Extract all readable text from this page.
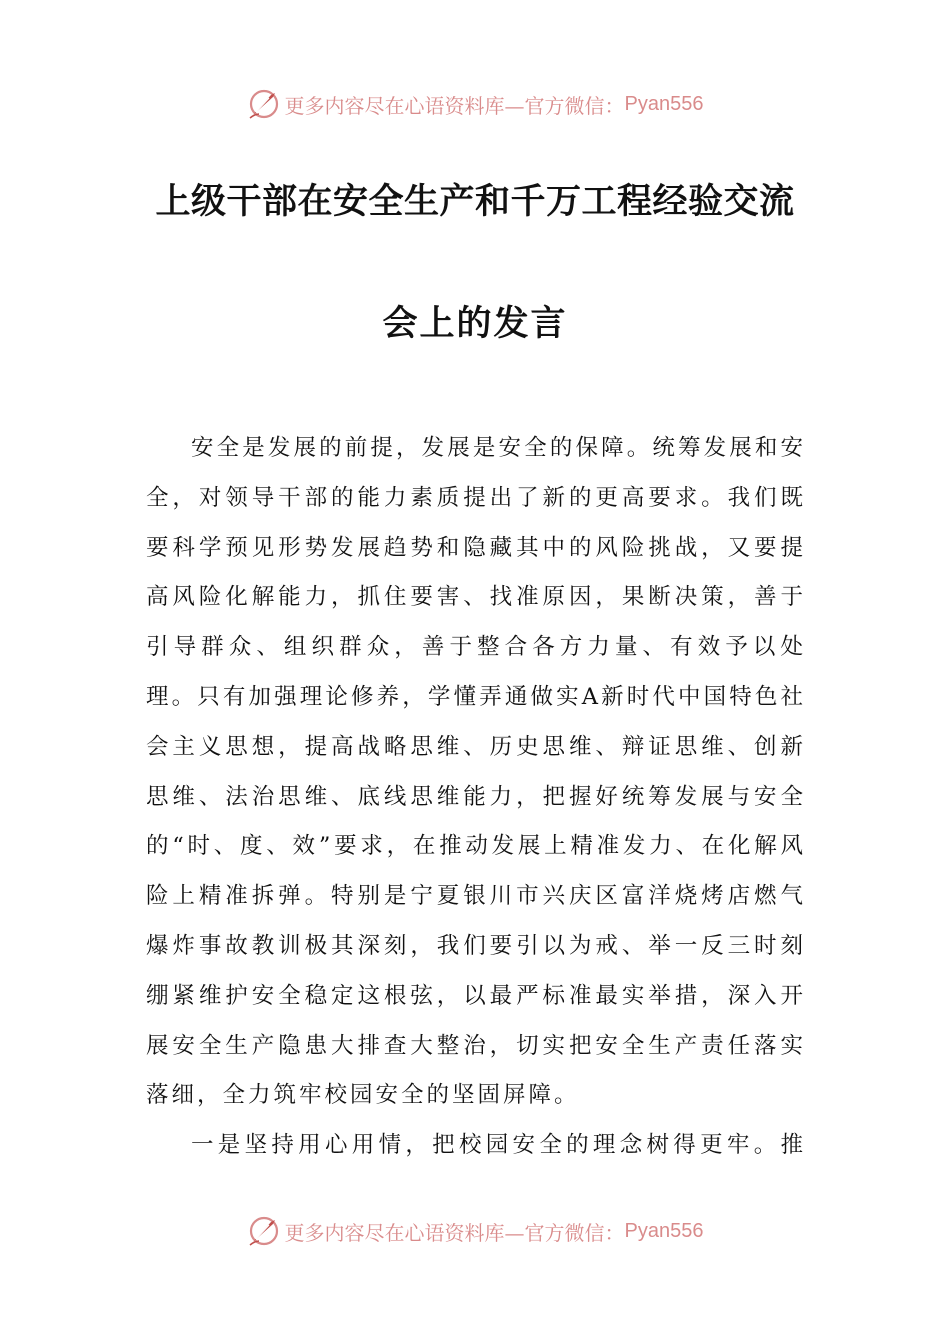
更多内容尽在心语资料库—官方微信： Pyan556
上级干部在安全生产和千万工程经验交流
会上的发言

安全是发展的前提，发展是安全的保障。统筹发展和安全，对领导干部的能力素质提出了新的更高要求。我们既要科学预见形势发展趋势和隐藏其中的风险挑战，又要提高风险化解能力，抓住要害、找准原因，果断决策，善于引导群众、组织群众，善于整合各方力量、有效予以处理。只有加强理论修养，学懂弄通做实A新时代中国特色社会主义思想，提高战略思维、历史思维、辩证思维、创新思维、法治思维、底线思维能力，把握好统筹发展与安全的“时、度、效”要求，在推动发展上精准发力、在化解风险上精准拆弹。特别是宁夏银川市兴庆区富洋烧烤店燃气爆炸事故教训极其深刻，我们要引以为戒、举一反三时刻绷紧维护安全稳定这根弦，以最严标准最实举措，深入开展安全生产隐患大排查大整治，切实把安全生产责任落实落细，全力筑牢校园安全的坚固屏障。

一是坚持用心用情，把校园安全的理念树得更牢。推

更多内容尽在心语资料库—官方微信： Pyan556
